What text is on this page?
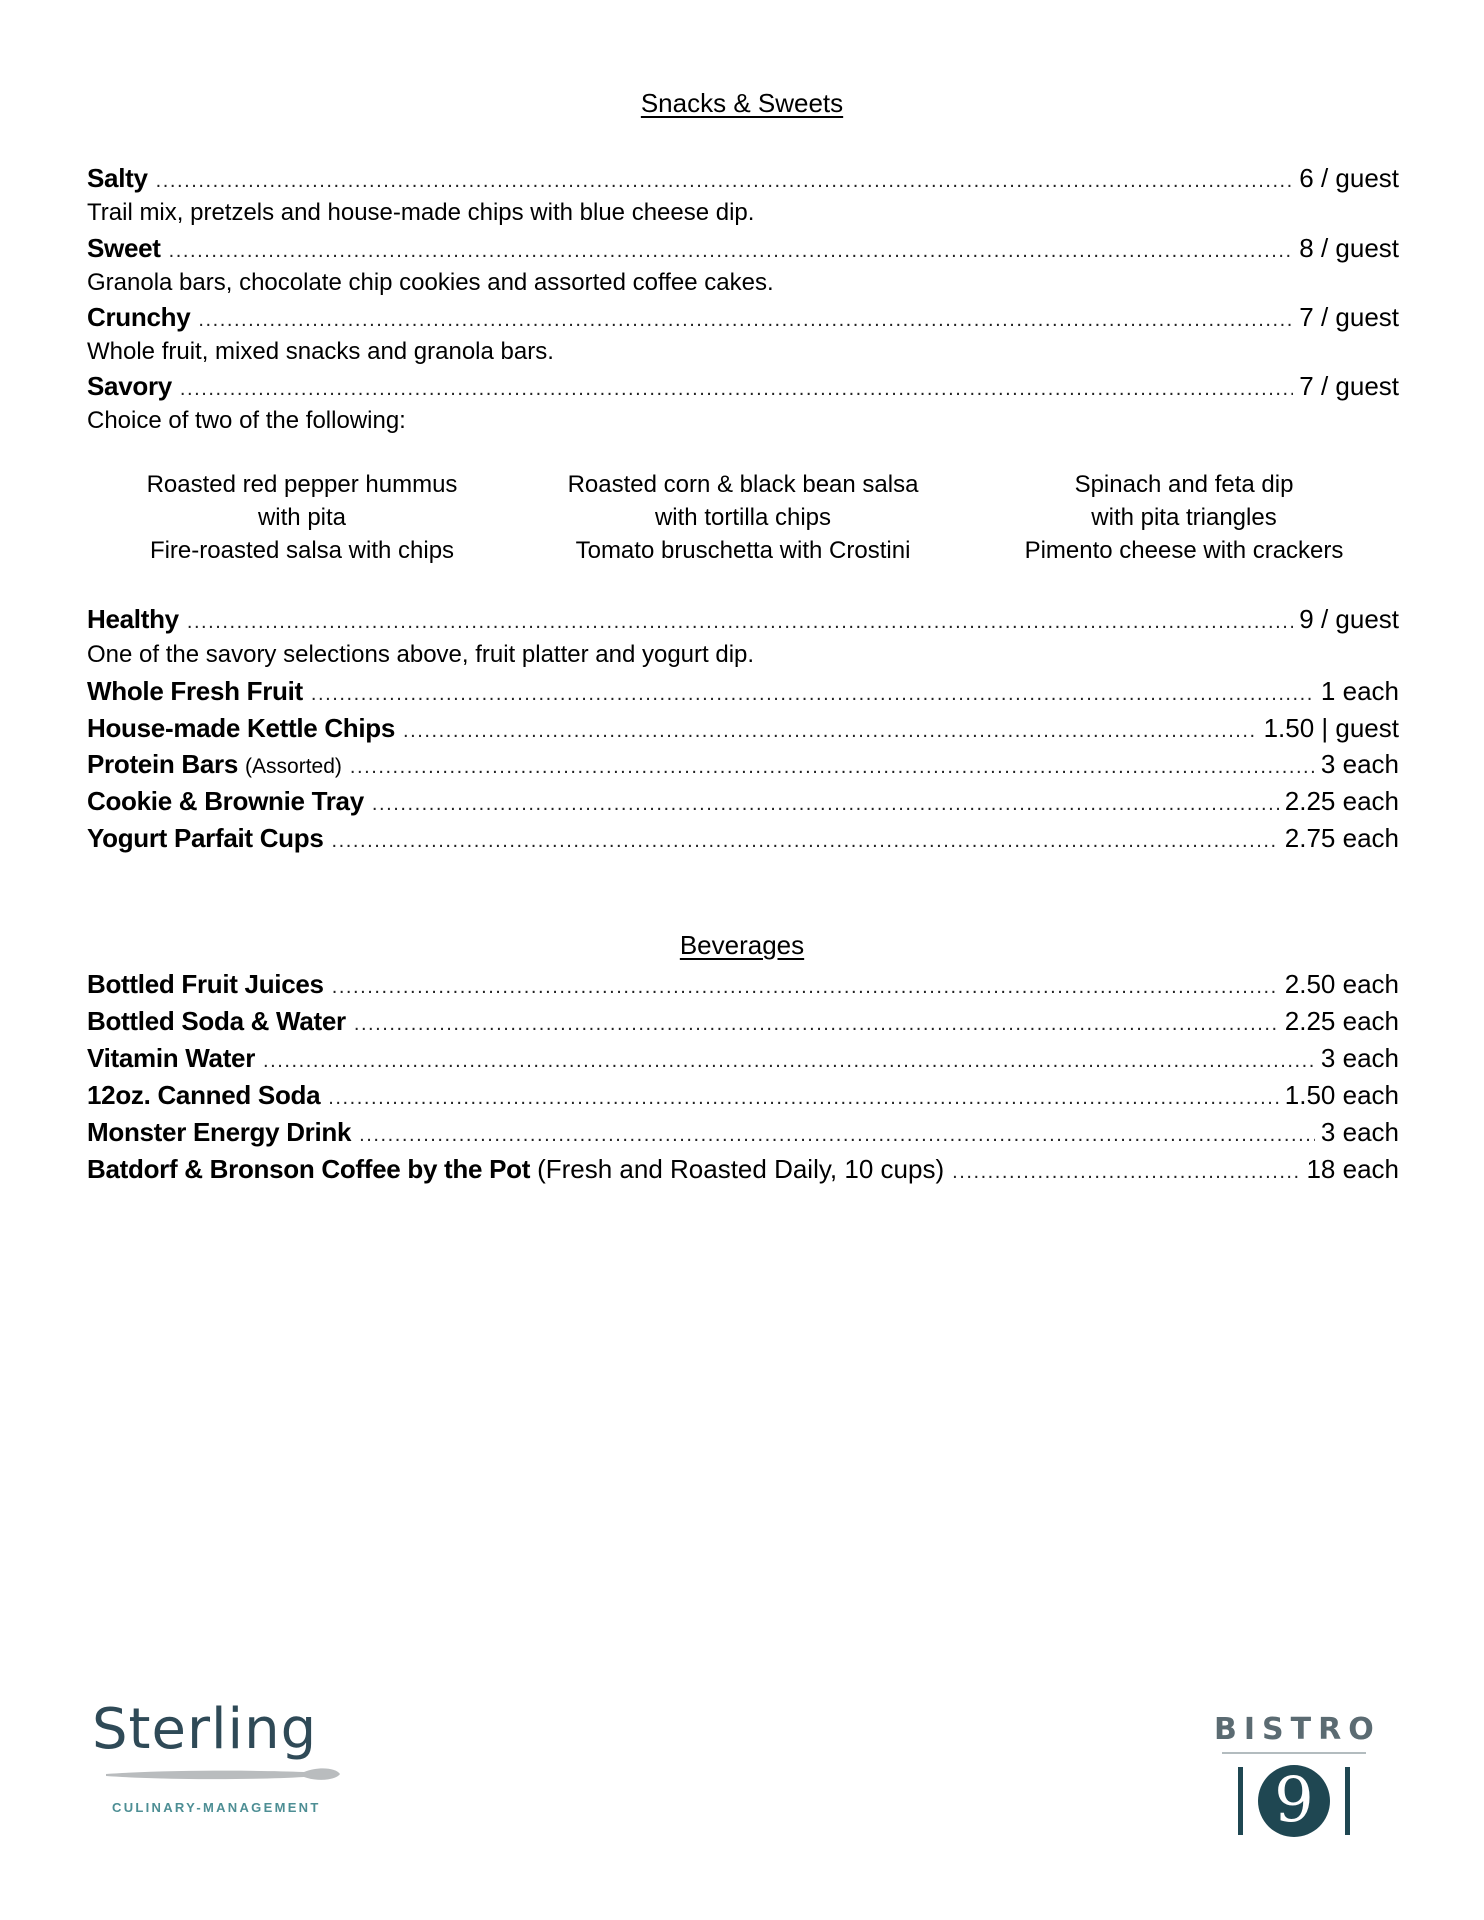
Snacks & Sweets
Salty . . .	6 / guest
Trail mix, pretzels and house-made chips with blue cheese dip.
Sweet . . .	8 / guest
Granola bars, chocolate chip cookies and assorted coffee cakes.
Crunchy . . .	7 / guest
Whole fruit, mixed snacks and granola bars.
Savory . . .	7 / guest
Choice of two of the following:
Roasted red pepper hummus
with pita
Fire-roasted salsa with chips
Roasted corn & black bean salsa
with tortilla chips
Tomato bruschetta with Crostini
Spinach and feta dip
with pita triangles
Pimento cheese with crackers
Healthy . . .	9 / guest
One of the savory selections above, fruit platter and yogurt dip.
Whole Fresh Fruit . . .	1 each
House-made Kettle Chips . . .	1.50 | guest
Protein Bars (Assorted) . . .	3 each
Cookie & Brownie Tray . . .	2.25 each
Yogurt Parfait Cups . . .	2.75 each
Beverages
Bottled Fruit Juices . . .	2.50 each
Bottled Soda & Water . . .	2.25 each
Vitamin Water . . .	3 each
12oz. Canned Soda . . .	1.50 each
Monster Energy Drink . . .	3 each
Batdorf & Bronson Coffee by the Pot (Fresh and Roasted Daily, 10 cups) . . .	18 each
Sterling
CULINARY-MANAGEMENT
BISTRO
9
